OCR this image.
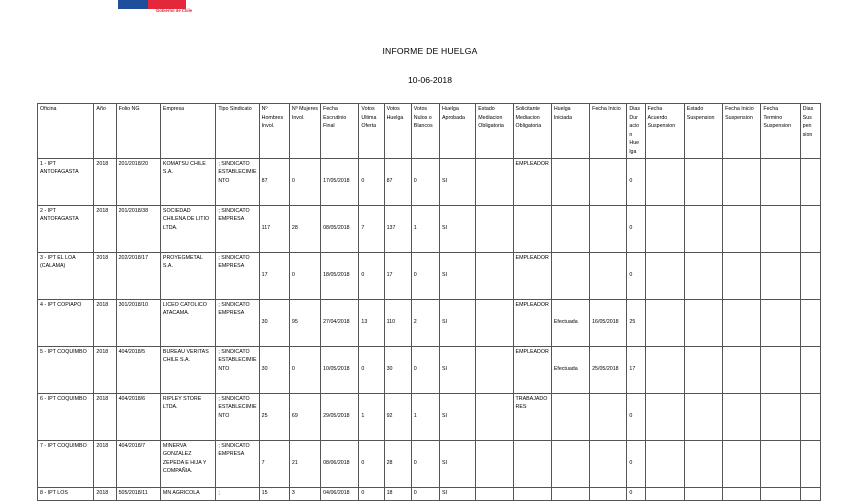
Gobierno de Chile
INFORME DE HUELGA
10-06-2018
Oficina	Año	Folio NG	Empresa	Tipo Sindicato	Nº Hombres Invol.	Nº Mujeres Invol.	Fecha Escrutinio Final	Votos Ultima Oferta	Votos Huelga	Votos Nulos o Blancos	Huelga Aprobada	Estado Mediacion Obligatoria	Solicitante Mediacion Obligatoria	Huelga Iniciada	Fecha Inicio	Dias Dur acio n Hue lga	Fecha Acuerdo Suspension	Estado Suspension	Fecha Inicio Suspension	Fecha Termino Suspension	Dias Sus pen sion
1 - IPT ANTOFAGASTA	2018	201/2018/20	KOMATSU CHILE S.A.	; SINDICATO ESTABLECIMIENTO	87	0	17/05/2018	0	87	0	SI		EMPLEADOR			0					
2 - IPT ANTOFAGASTA	2018	201/2018/38	SOCIEDAD CHILENA DE LITIO LTDA.	; SINDICATO EMPRESA	117	28	08/05/2018	7	137	1	SI					0					
3 - IPT EL LOA (CALAMA)	2018	202/2018/17	PROYEGMETAL S.A.	; SINDICATO EMPRESA	17	0	18/05/2018	0	17	0	SI		EMPLEADOR			0					
4 - IPT COPIAPO	2018	301/2018/10	LICEO CATOLICO ATACAMA.	; SINDICATO EMPRESA	30	95	27/04/2018	13	110	2	SI		EMPLEADOR	Efectuada	16/05/2018	25					
5 - IPT COQUIMBO	2018	404/2018/5	BUREAU VERITAS CHILE S.A.	; SINDICATO ESTABLECIMIENTO	30	0	10/05/2018	0	30	0	SI		EMPLEADOR	Efectuada	25/05/2018	17					
6 - IPT COQUIMBO	2018	404/2018/6	RIPLEY STORE LTDA.	; SINDICATO ESTABLECIMIENTO	25	69	29/05/2018	1	92	1	SI		TRABAJADORES			0					
7 - IPT COQUIMBO	2018	404/2018/7	MINERVA GONZALEZ ZEPEDA E HIJA Y COMPAÑIA.	; SINDICATO EMPRESA	7	21	08/06/2018	0	28	0	SI					0					
8 - IPT LOS	2018	505/2018/11	MN AGRICOLA	;	15	3	04/06/2018	0	18	0	SI					0					
